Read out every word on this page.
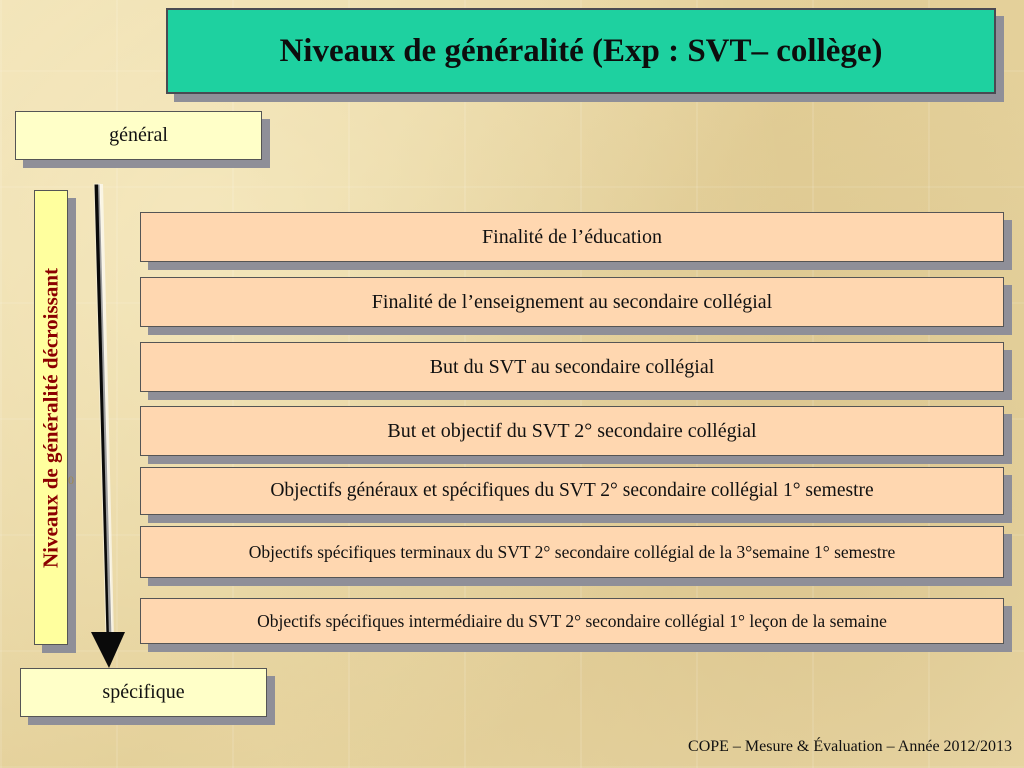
Niveaux de généralité (Exp : SVT– collège)
général
Niveaux de généralité décroissant 0
Finalité de l’éducation
Finalité de l’enseignement au secondaire collégial
But du SVT au secondaire collégial
But et objectif du SVT 2° secondaire collégial
Objectifs généraux et spécifiques du SVT 2° secondaire collégial 1° semestre
Objectifs spécifiques terminaux du SVT 2° secondaire collégial de la 3°semaine 1° semestre
Objectifs spécifiques intermédiaire du SVT 2° secondaire collégial 1° leçon de la semaine
spécifique
COPE – Mesure & Évaluation – Année 2012/2013
